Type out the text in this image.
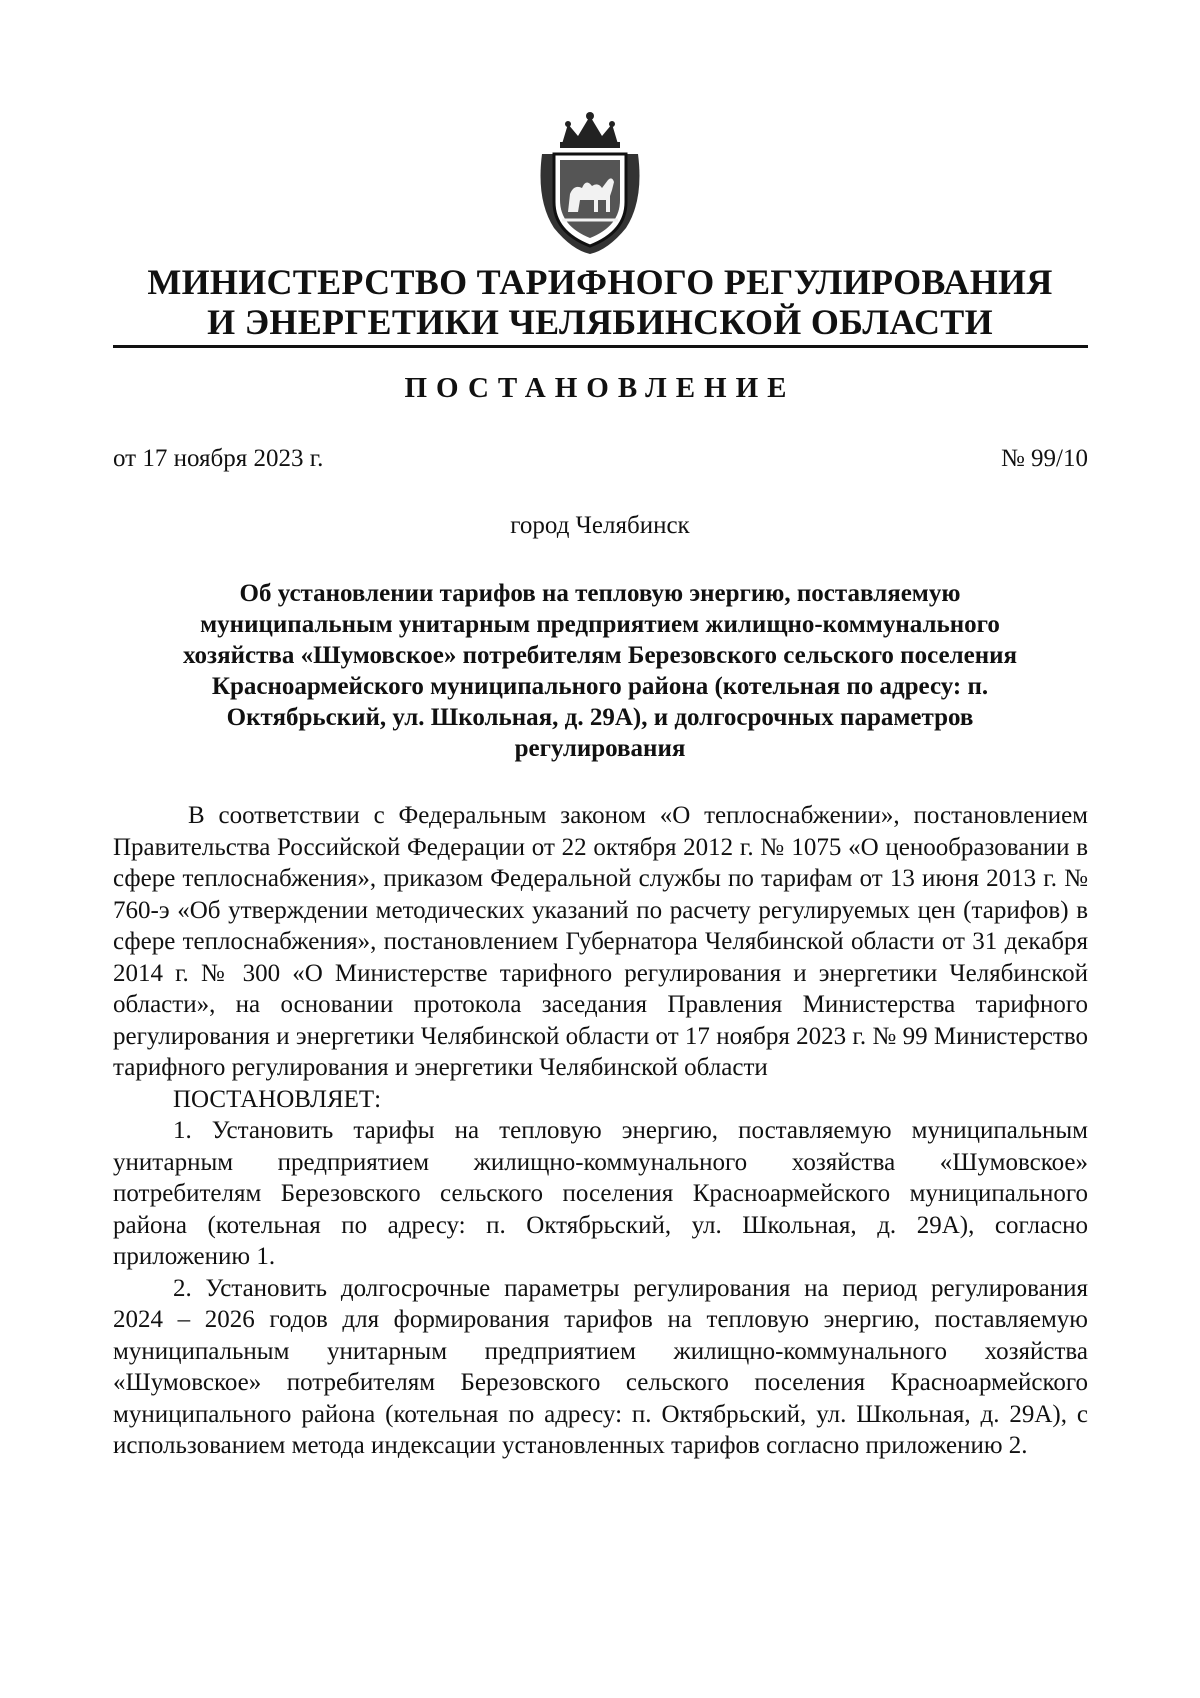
МИНИСТЕРСТВО ТАРИФНОГО РЕГУЛИРОВАНИЯ
И ЭНЕРГЕТИКИ ЧЕЛЯБИНСКОЙ ОБЛАСТИ
ПОСТАНОВЛЕНИЕ
от 17 ноября 2023 г.	№ 99/10
город Челябинск
Об установлении тарифов на тепловую энергию, поставляемую муниципальным унитарным предприятием жилищно-коммунального хозяйства «Шумовское» потребителям Березовского сельского поселения Красноармейского муниципального района (котельная по адресу: п. Октябрьский, ул. Школьная, д. 29А), и долгосрочных параметров регулирования

В соответствии с Федеральным законом «О теплоснабжении», постановлением Правительства Российской Федерации от 22 октября 2012 г. № 1075 «О ценообразовании в сфере теплоснабжения», приказом Федеральной службы по тарифам от 13 июня 2013 г. № 760-э «Об утверждении методических указаний по расчету регулируемых цен (тарифов) в сфере теплоснабжения», постановлением Губернатора Челябинской области от 31 декабря 2014 г. № 300 «О Министерстве тарифного регулирования и энергетики Челябинской области», на основании протокола заседания Правления Министерства тарифного регулирования и энергетики Челябинской области от 17 ноября 2023 г. № 99 Министерство тарифного регулирования и энергетики Челябинской области

ПОСТАНОВЛЯЕТ:

1. Установить тарифы на тепловую энергию, поставляемую муниципальным унитарным предприятием жилищно-коммунального хозяйства «Шумовское» потребителям Березовского сельского поселения Красноармейского муниципального района (котельная по адресу: п. Октябрьский, ул. Школьная, д. 29А), согласно приложению 1.

2. Установить долгосрочные параметры регулирования на период регулирования 2024 – 2026 годов для формирования тарифов на тепловую энергию, поставляемую муниципальным унитарным предприятием жилищно-коммунального хозяйства «Шумовское» потребителям Березовского сельского поселения Красноармейского муниципального района (котельная по адресу: п. Октябрьский, ул. Школьная, д. 29А), с использованием метода индексации установленных тарифов согласно приложению 2.
